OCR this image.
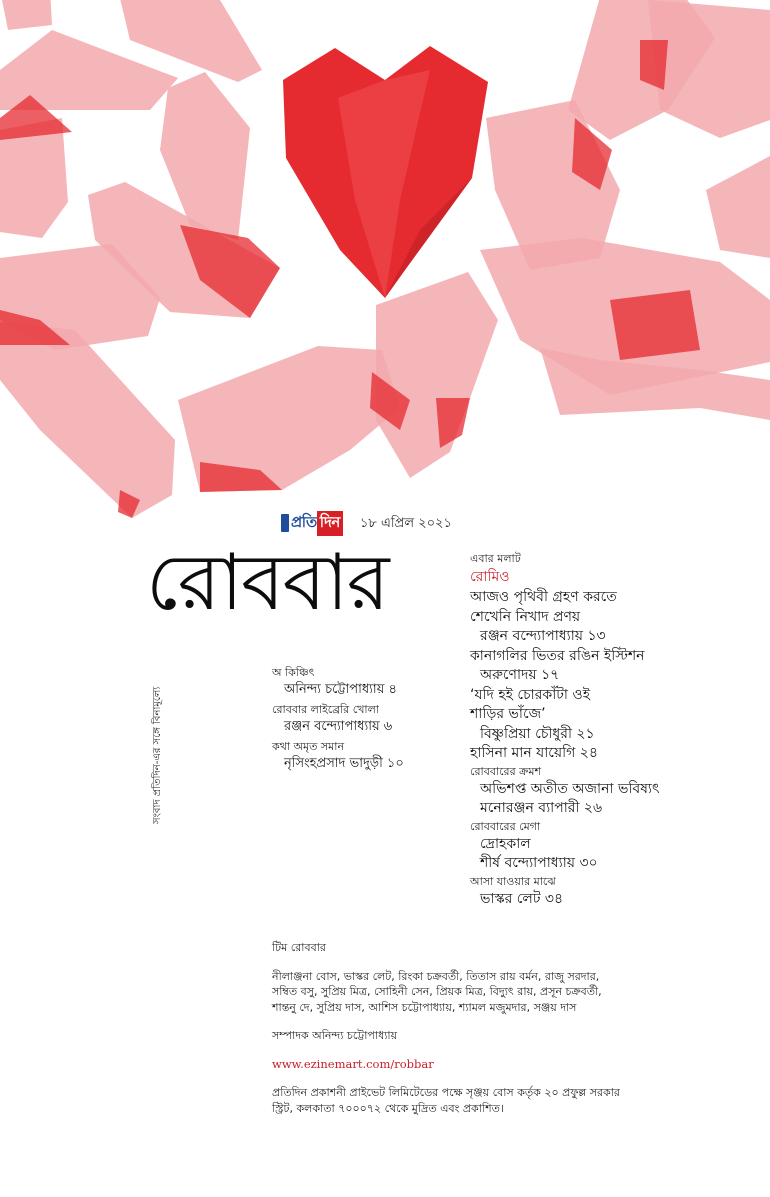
প্রতি দিন ১৮ এপ্রিল ২০২১
রোববার
সংবাদ প্রতিদিন-এর সঙ্গে বিনামূল্যে
অ কিঞ্চিৎ
অনিন্দ্য চট্টোপাধ্যায় ৪
রোববার লাইব্রেরি খোলা
রঞ্জন বন্দ্যোপাধ্যায় ৬
কথা অমৃত সমান
নৃসিংহপ্রসাদ ভাদুড়ী ১০
এবার মলাট
রোমিও
আজও পৃথিবী গ্রহণ করতে
শেখেনি নিখাদ প্রণয়
রঞ্জন বন্দ্যোপাধ্যায় ১৩
কানাগলির ভিতর রঙিন ইস্টিশন
অরুণোদয় ১৭
‘যদি হই চোরকাঁটা ওই
শাড়ির ভাঁজে’
বিষ্ণুপ্রিয়া চৌধুরী ২১
হাসিনা মান যায়েগি ২৪
রোববারের ক্রমশ
অভিশপ্ত অতীত অজানা ভবিষ্যৎ
মনোরঞ্জন ব্যাপারী ২৬
রোববারের মেগা
দ্রোহকাল
শীর্ষ বন্দ্যোপাধ্যায় ৩০
আসা যাওয়ার মাঝে
ভাস্কর লেট ৩৪

টিম রোববার

নীলাঞ্জনা বোস, ভাস্কর লেট, রিংকা চক্রবর্তী, তিতাস রায় বর্মন, রাজু সরদার,

সম্বিত বসু, সুপ্রিয় মিত্র, সোহিনী সেন, প্রিয়ক মিত্র, বিদ্যুৎ রায়, প্রসূন চক্রবর্তী,

শান্তনু দে, সুপ্রিয় দাস, আশিস চট্টোপাধ্যায়, শ্যামল মজুমদার, সঞ্জয় দাস

সম্পাদক অনিন্দ্য চট্টোপাধ্যায়

www.ezinemart.com/robbar

প্রতিদিন প্রকাশনী প্রাইভেট লিমিটেডের পক্ষে সৃঞ্জয় বোস কর্তৃক ২০ প্রফুল্ল সরকার

স্ট্রিট, কলকাতা ৭০০০৭২ থেকে মুদ্রিত এবং প্রকাশিত।
